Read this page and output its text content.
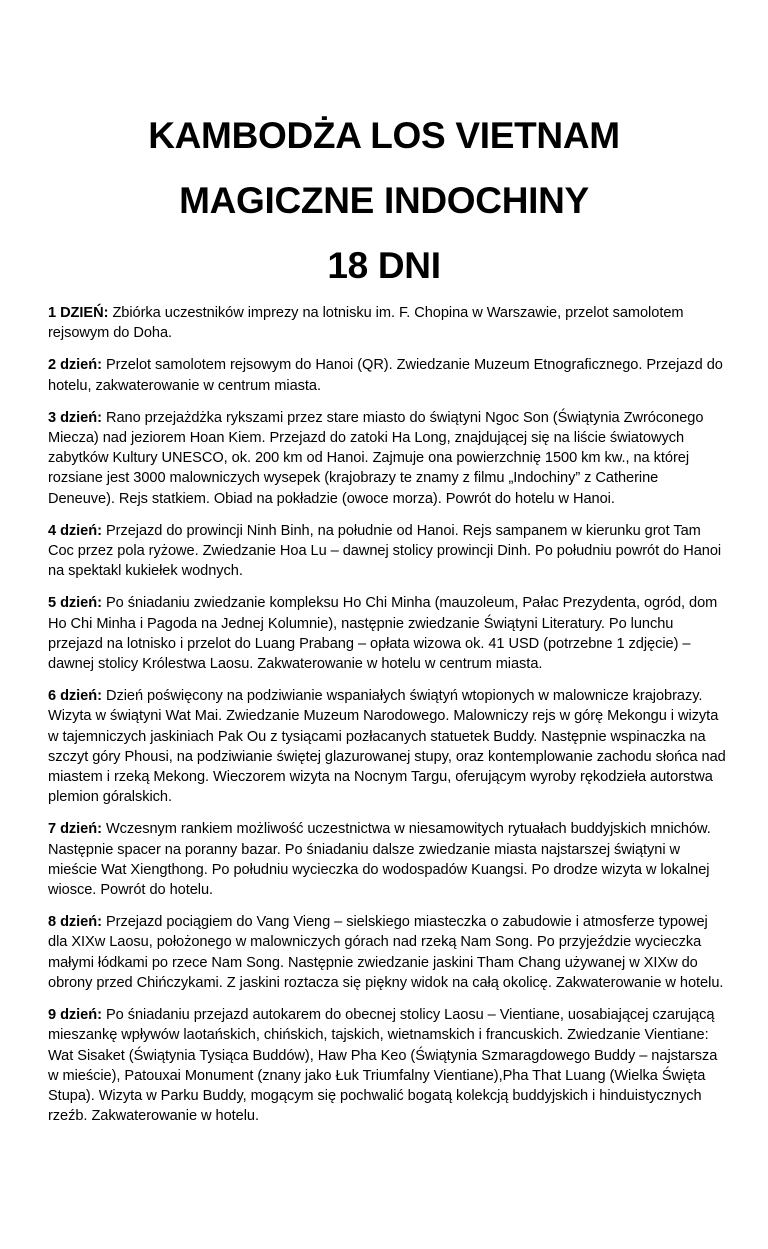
KAMBODŻA LOS VIETNAM
MAGICZNE INDOCHINY
18 DNI

1 DZIEŃ: Zbiórka uczestników imprezy na lotnisku im. F. Chopina w Warszawie, przelot samolotem rejsowym do Doha.

2 dzień: Przelot samolotem rejsowym do Hanoi (QR). Zwiedzanie Muzeum Etnograficznego. Przejazd do hotelu, zakwaterowanie w centrum miasta.

3 dzień: Rano przejażdżka rykszami przez stare miasto do świątyni Ngoc Son (Świątynia Zwróconego Miecza) nad jeziorem Hoan Kiem. Przejazd do zatoki Ha Long, znajdującej się na liście światowych zabytków Kultury UNESCO, ok. 200 km od Hanoi. Zajmuje ona powierzchnię 1500 km kw., na której rozsiane jest 3000 malowniczych wysepek (krajobrazy te znamy z filmu „Indochiny” z Catherine Deneuve). Rejs statkiem. Obiad na pokładzie (owoce morza). Powrót do hotelu w Hanoi.

4 dzień: Przejazd do prowincji Ninh Binh, na południe od Hanoi. Rejs sampanem w kierunku grot Tam Coc przez pola ryżowe. Zwiedzanie Hoa Lu – dawnej stolicy prowincji Dinh. Po południu powrót do Hanoi na spektakl kukiełek wodnych.

5 dzień: Po śniadaniu zwiedzanie kompleksu Ho Chi Minha (mauzoleum, Pałac Prezydenta, ogród, dom Ho Chi Minha i Pagoda na Jednej Kolumnie), następnie zwiedzanie Świątyni Literatury. Po lunchu przejazd na lotnisko i przelot do Luang Prabang – opłata wizowa ok. 41 USD (potrzebne 1 zdjęcie) – dawnej stolicy Królestwa Laosu. Zakwaterowanie w hotelu w centrum miasta.

6 dzień: Dzień poświęcony na podziwianie wspaniałych świątyń wtopionych w malownicze krajobrazy. Wizyta w świątyni Wat Mai. Zwiedzanie Muzeum Narodowego. Malowniczy rejs w górę Mekongu i wizyta w tajemniczych jaskiniach Pak Ou z tysiącami pozłacanych statuetek Buddy. Następnie wspinaczka na szczyt góry Phousi, na podziwianie świętej glazurowanej stupy, oraz kontemplowanie zachodu słońca nad miastem i rzeką Mekong. Wieczorem wizyta na Nocnym Targu, oferującym wyroby rękodzieła autorstwa plemion góralskich.

7 dzień: Wczesnym rankiem możliwość uczestnictwa w niesamowitych rytuałach buddyjskich mnichów. Następnie spacer na poranny bazar. Po śniadaniu dalsze zwiedzanie miasta najstarszej świątyni w mieście Wat Xiengthong. Po południu wycieczka do wodospadów Kuangsi. Po drodze wizyta w lokalnej wiosce. Powrót do hotelu.

8 dzień: Przejazd pociągiem do Vang Vieng – sielskiego miasteczka o zabudowie i atmosferze typowej dla XIXw Laosu, położonego w malowniczych górach nad rzeką Nam Song. Po przyjeździe wycieczka małymi łódkami po rzece Nam Song. Następnie zwiedzanie jaskini Tham Chang używanej w XIXw do obrony przed Chińczykami. Z jaskini roztacza się piękny widok na całą okolicę. Zakwaterowanie w hotelu.

9 dzień: Po śniadaniu przejazd autokarem do obecnej stolicy Laosu – Vientiane, uosabiającej czarującą mieszankę wpływów laotańskich, chińskich, tajskich, wietnamskich i francuskich. Zwiedzanie Vientiane: Wat Sisaket (Świątynia Tysiąca Buddów), Haw Pha Keo (Świątynia Szmaragdowego Buddy – najstarsza w mieście), Patouxai Monument (znany jako Łuk Triumfalny Vientiane),Pha That Luang (Wielka Święta Stupa). Wizyta w Parku Buddy, mogącym się pochwalić bogatą kolekcją buddyjskich i hinduistycznych rzeźb. Zakwaterowanie w hotelu.
